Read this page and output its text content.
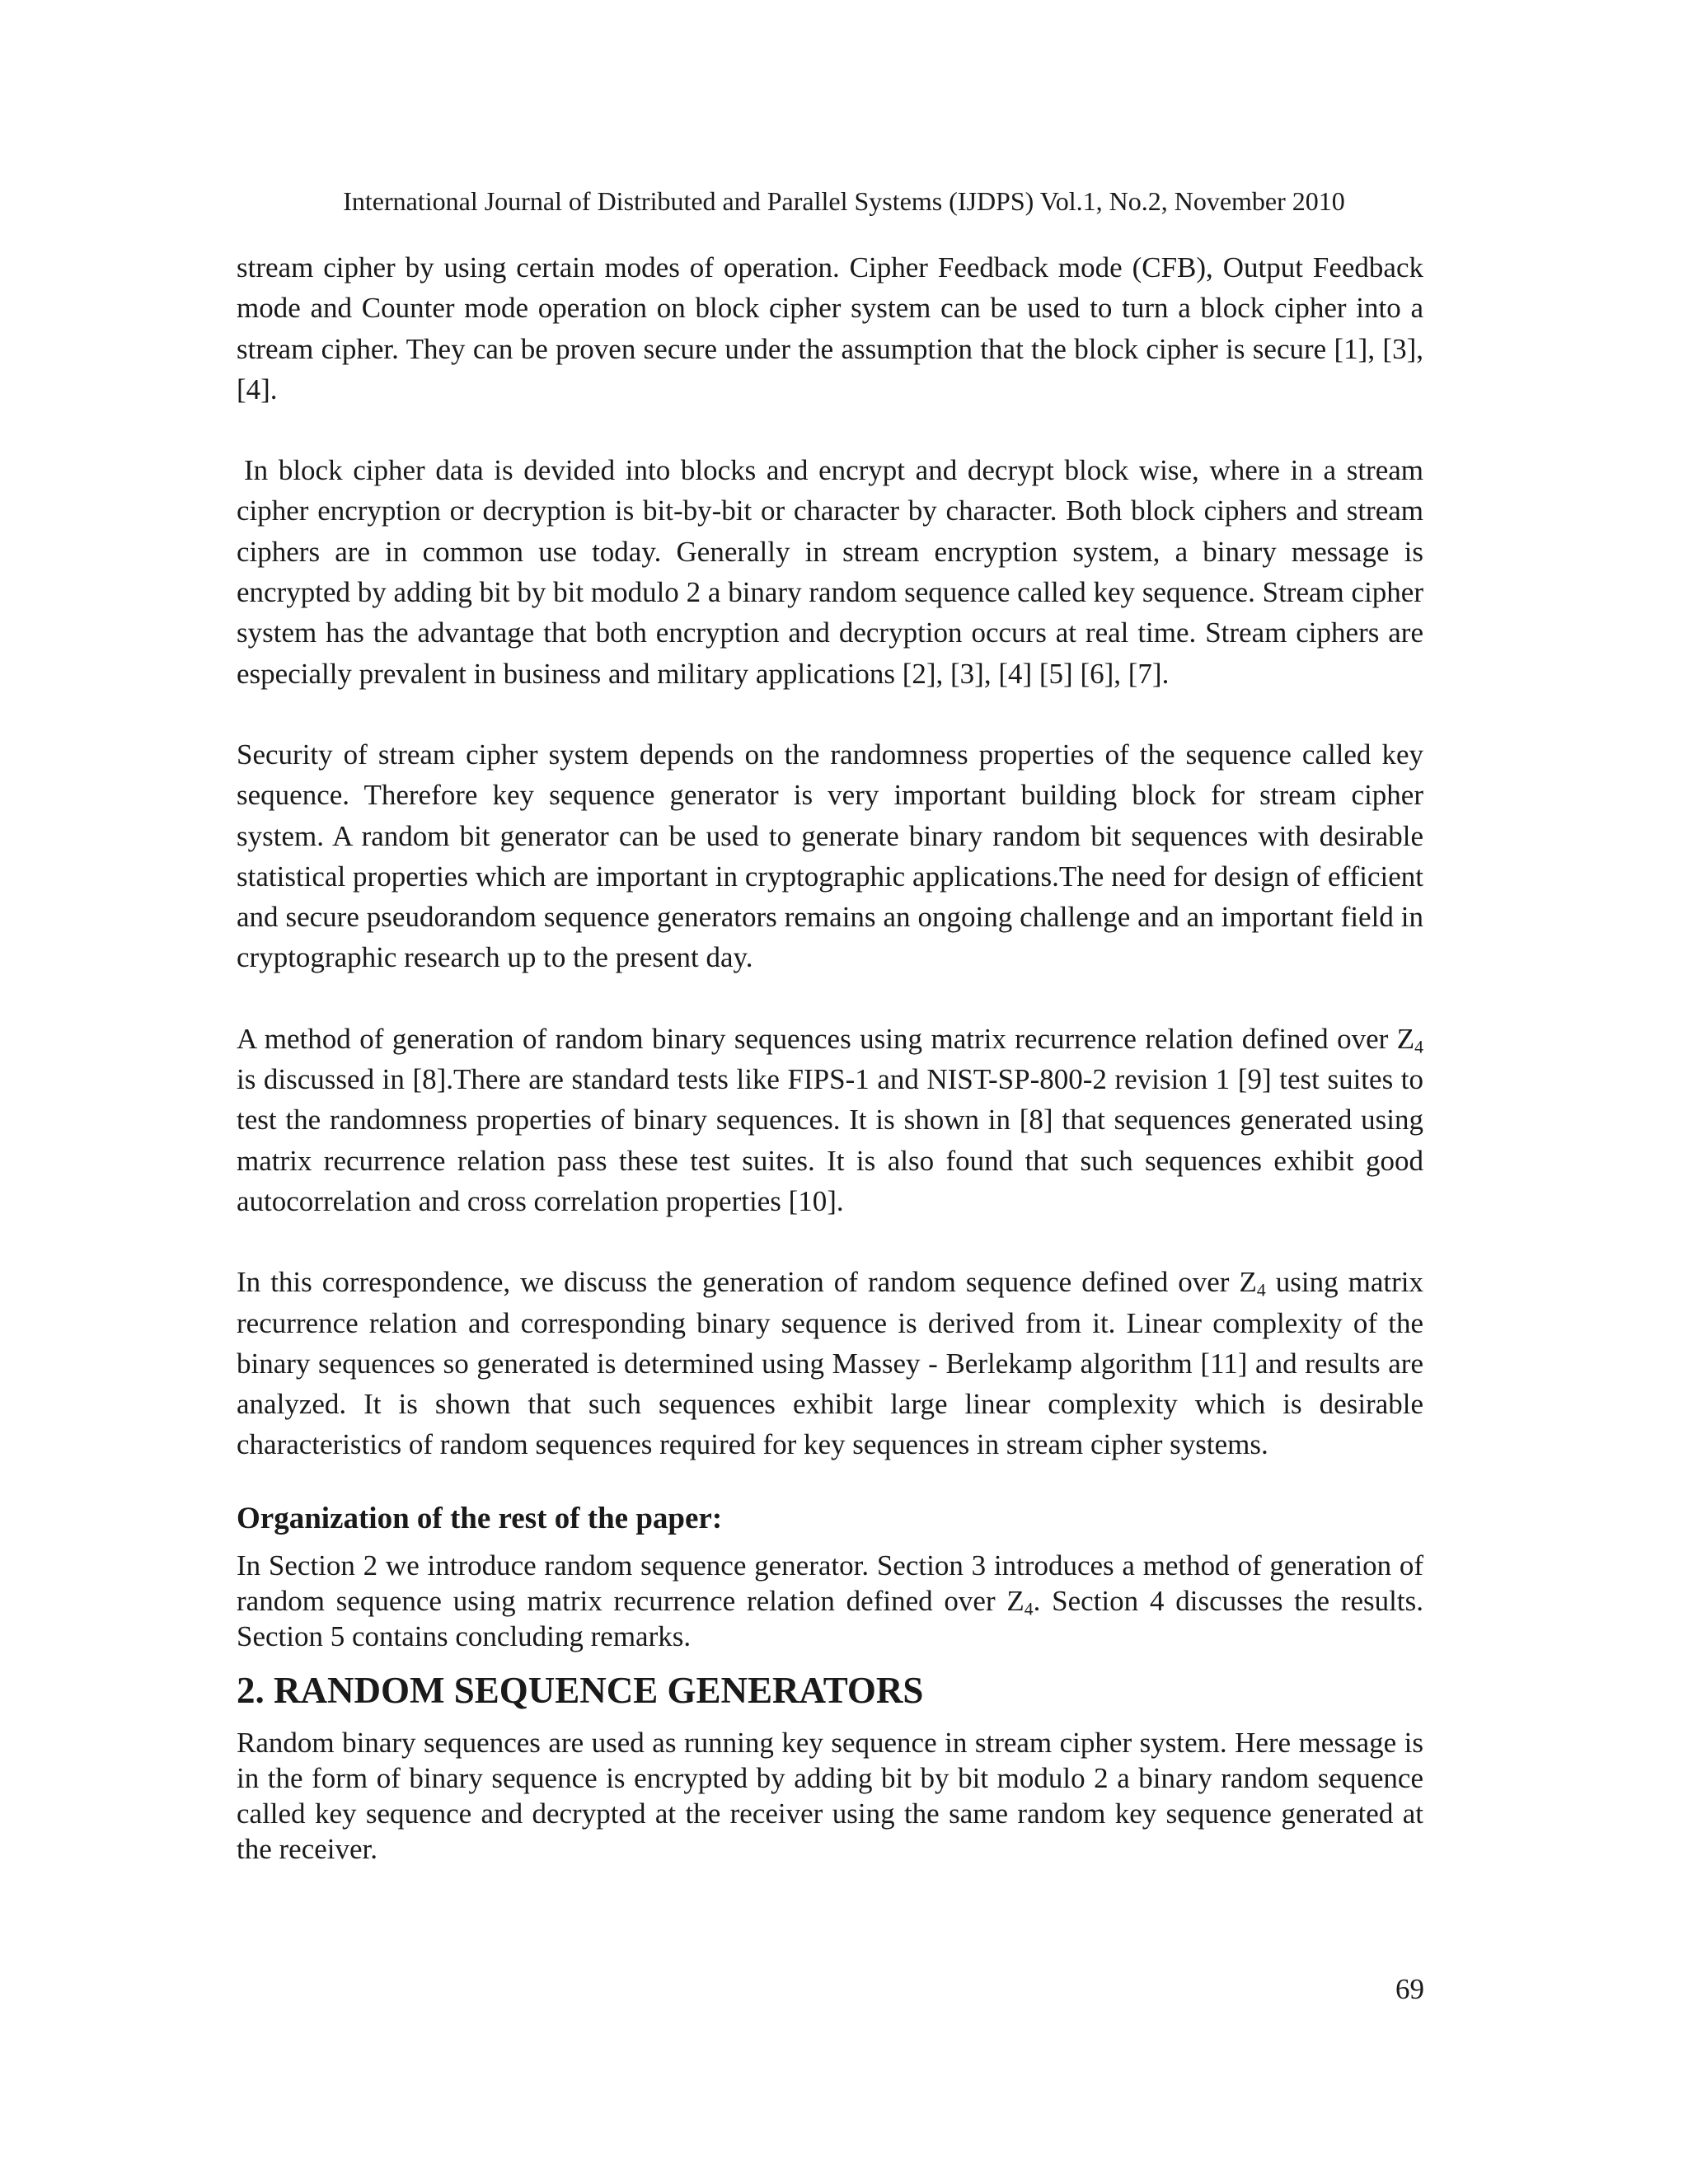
International Journal of Distributed and Parallel Systems (IJDPS) Vol.1, No.2, November 2010

stream cipher by using certain modes of operation. Cipher Feedback mode (CFB), Output Feedback mode and Counter mode operation on block cipher system can be used to turn a block cipher into a stream cipher. They can be proven secure under the assumption that the block cipher is secure [1], [3], [4].

In block cipher data is devided into blocks and encrypt and decrypt block wise, where in a stream cipher encryption or decryption is bit-by-bit or character by character. Both block ciphers and stream ciphers are in common use today. Generally in stream encryption system, a binary message is encrypted by adding bit by bit modulo 2 a binary random sequence called key sequence. Stream cipher system has the advantage that both encryption and decryption occurs at real time. Stream ciphers are especially prevalent in business and military applications [2], [3], [4] [5] [6], [7].

Security of stream cipher system depends on the randomness properties of the sequence called key sequence. Therefore key sequence generator is very important building block for stream cipher system. A random bit generator can be used to generate binary random bit sequences with desirable statistical properties which are important in cryptographic applications.The need for design of efficient and secure pseudorandom sequence generators remains an ongoing challenge and an important field in cryptographic research up to the present day.

A method of generation of random binary sequences using matrix recurrence relation defined over $Z_4$ is discussed in [8].There are standard tests like FIPS-1 and NIST-SP-800-2 revision 1 [9] test suites to test the randomness properties of binary sequences. It is shown in [8] that sequences generated using matrix recurrence relation pass these test suites. It is also found that such sequences exhibit good autocorrelation and cross correlation properties [10].

In this correspondence, we discuss the generation of random sequence defined over $Z_4$ using matrix recurrence relation and corresponding binary sequence is derived from it. Linear complexity of the binary sequences so generated is determined using Massey - Berlekamp algorithm [11] and results are analyzed. It is shown that such sequences exhibit large linear complexity which is desirable characteristics of random sequences required for key sequences in stream cipher systems.

Organization of the rest of the paper:

In Section 2 we introduce random sequence generator. Section 3 introduces a method of generation of random sequence using matrix recurrence relation defined over $Z_4$. Section 4 discusses the results. Section 5 contains concluding remarks.

2. RANDOM SEQUENCE GENERATORS

Random binary sequences are used as running key sequence in stream cipher system. Here message is in the form of binary sequence is encrypted by adding bit by bit modulo 2 a binary random sequence called key sequence and decrypted at the receiver using the same random key sequence generated at the receiver.

69
